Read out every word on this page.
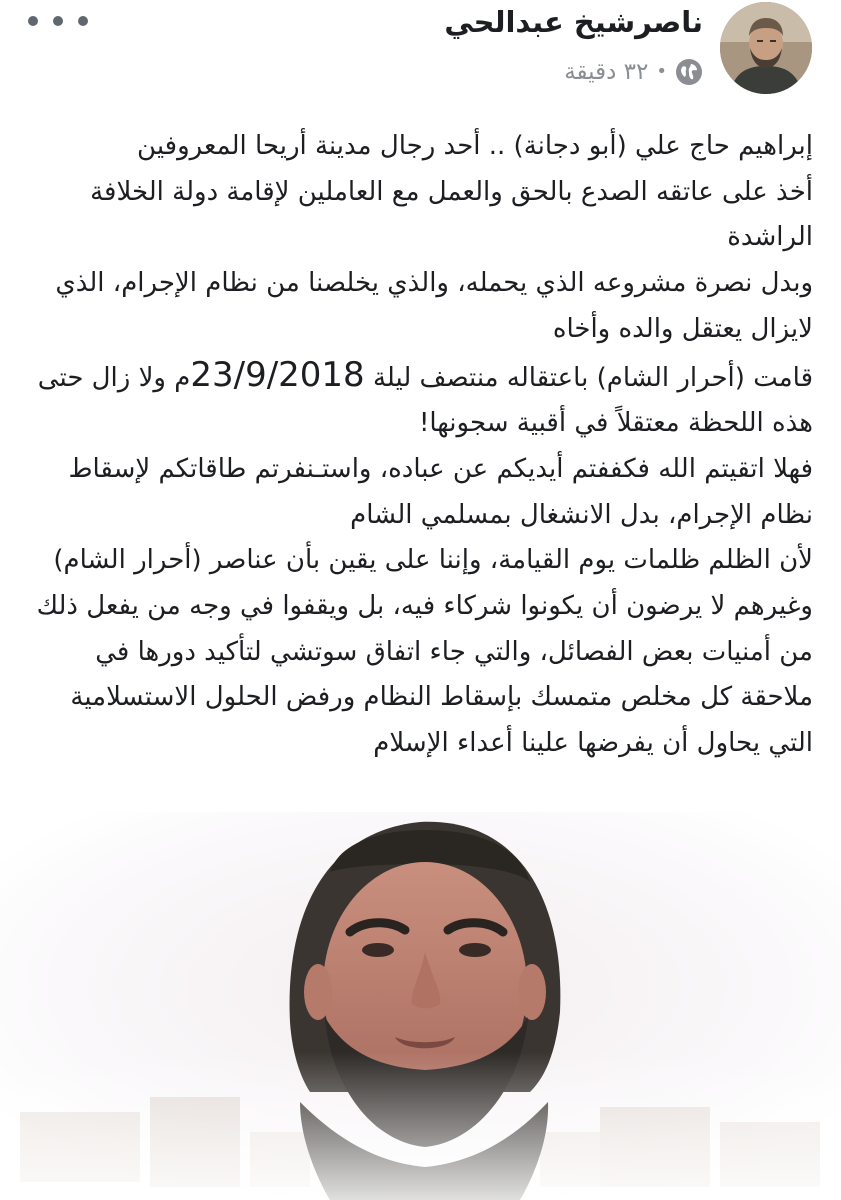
ناصرشيخ عبدالحي
٣٢ دقيقة •

إبراهيم حاج علي (أبو دجانة) .. أحد رجال مدينة أريحا المعروفين

أخذ على عاتقه الصدع بالحق والعمل مع العاملين لإقامة دولة الخلافة الراشدة

وبدل نصرة مشروعه الذي يحمله، والذي يخلصنا من نظام الإجرام، الذي لايزال يعتقل والده وأخاه

قامت (أحرار الشام) باعتقاله منتصف ليلة 23/9/2018م ولا زال حتى هذه اللحظة معتقلاً في أقبية سجونها!

فهلا اتقيتم الله فكففتم أيديكم عن عباده، واستـنفرتم طاقاتكم لإسقاط نظام الإجرام، بدل الانشغال بمسلمي الشام

لأن الظلم ظلمات يوم القيامة، وإننا على يقين بأن عناصر (أحرار الشام) وغيرهم لا يرضون أن يكونوا شركاء فيه، بل ويقفوا في وجه من يفعل ذلك من أمنيات بعض الفصائل، والتي جاء اتفاق سوتشي لتأكيد دورها في ملاحقة كل مخلص متمسك بإسقاط النظام ورفض الحلول الاستسلامية التي يحاول أن يفرضها علينا أعداء الإسلام
